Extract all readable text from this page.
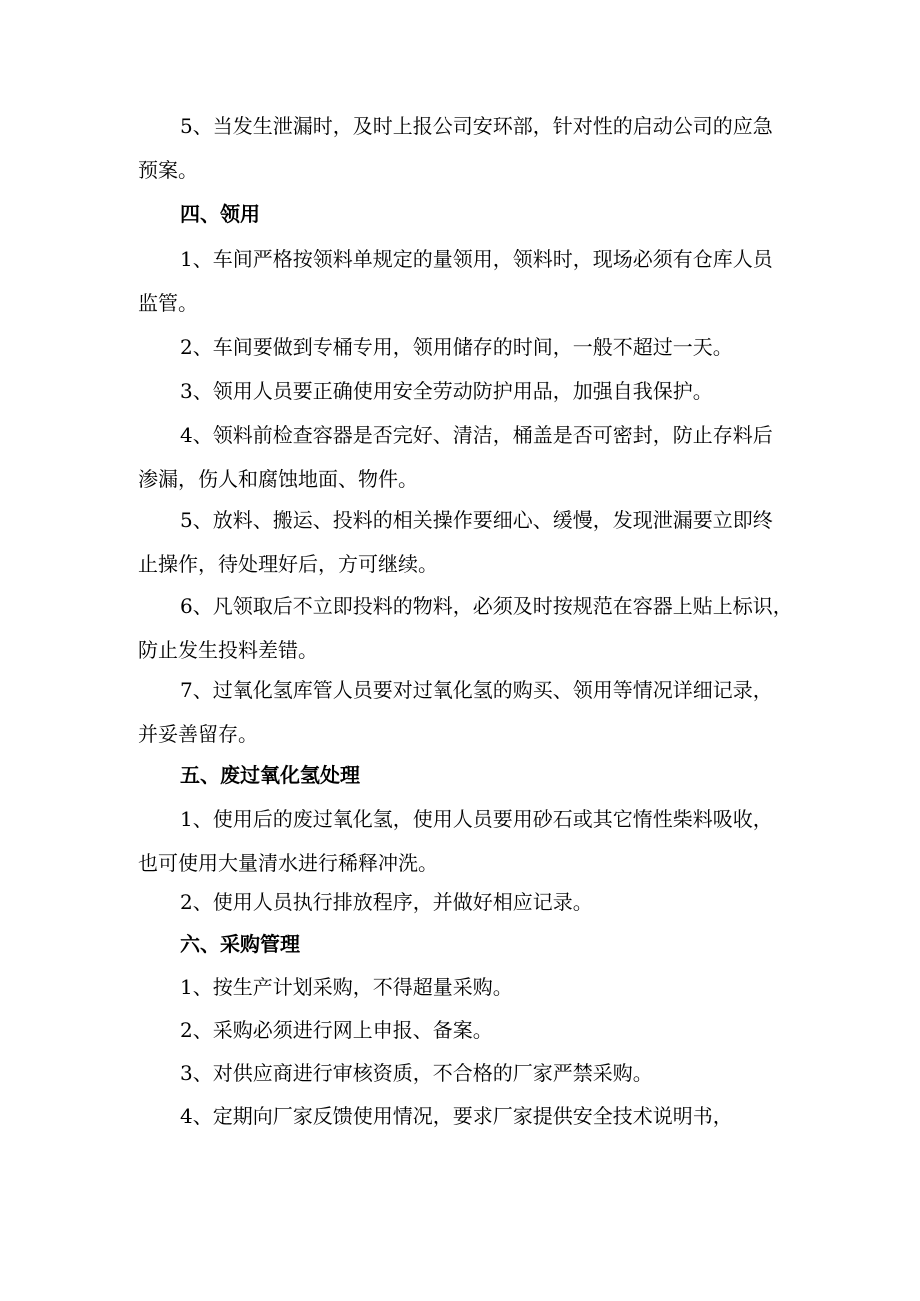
5、当发生泄漏时，及时上报公司安环部，针对性的启动公司的应急
预案。

四、领用

1、车间严格按领料单规定的量领用，领料时，现场必须有仓库人员
监管。

2、车间要做到专桶专用，领用储存的时间，一般不超过一天。

3、领用人员要正确使用安全劳动防护用品，加强自我保护。

4、领料前检查容器是否完好、清洁，桶盖是否可密封，防止存料后
渗漏，伤人和腐蚀地面、物件。

5、放料、搬运、投料的相关操作要细心、缓慢，发现泄漏要立即终
止操作，待处理好后，方可继续。

6、凡领取后不立即投料的物料，必须及时按规范在容器上贴上标识，
防止发生投料差错。

7、过氧化氢库管人员要对过氧化氢的购买、领用等情况详细记录，
并妥善留存。

五、废过氧化氢处理

1、使用后的废过氧化氢，使用人员要用砂石或其它惰性柴料吸收，
也可使用大量清水进行稀释冲洗。

2、使用人员执行排放程序，并做好相应记录。

六、采购管理

1、按生产计划采购，不得超量采购。

2、采购必须进行网上申报、备案。

3、对供应商进行审核资质，不合格的厂家严禁采购。

4、定期向厂家反馈使用情况，要求厂家提供安全技术说明书，
